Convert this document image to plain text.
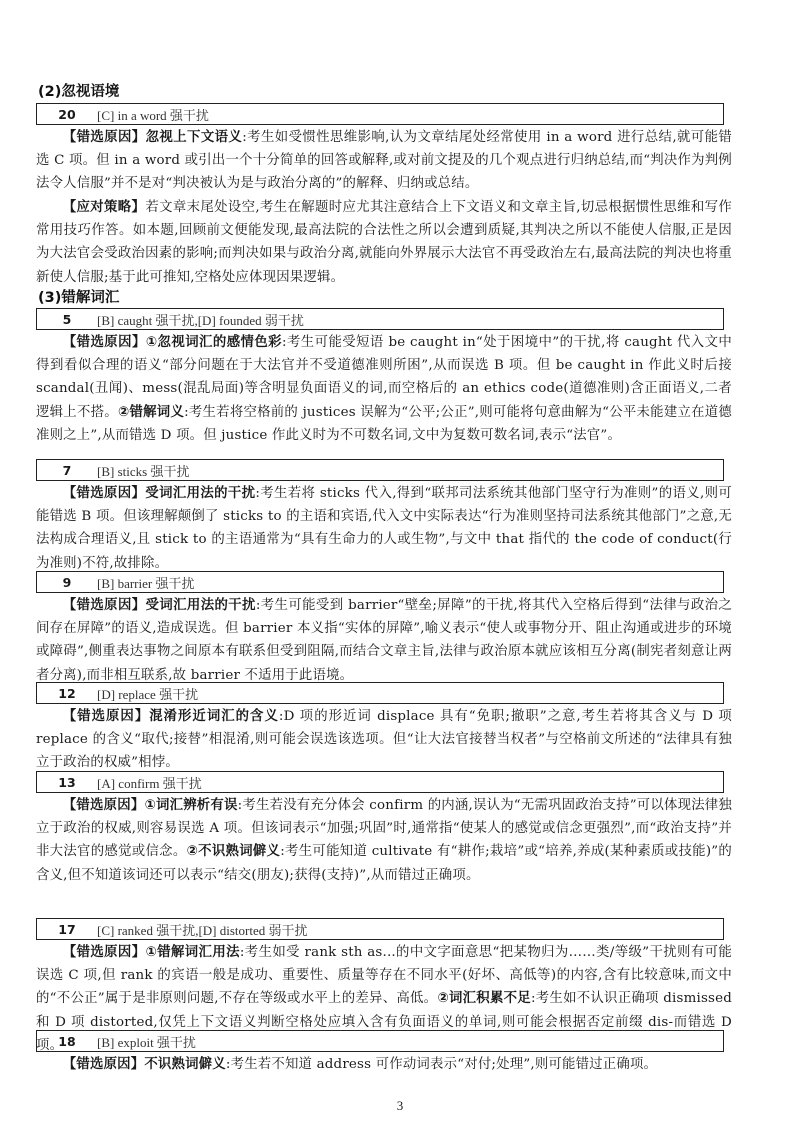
(2)忽视语境
20	[C] in a word 强干扰
【错选原因】忽视上下文语义:考生如受惯性思维影响,认为文章结尾处经常使用 in a word 进行总结,就可能错选 C 项。但 in a word 或引出一个十分简单的回答或解释,或对前文提及的几个观点进行归纳总结,而“判决作为判例法令人信服”并不是对“判决被认为是与政治分离的”的解释、归纳或总结。
【应对策略】若文章末尾处设空,考生在解题时应尤其注意结合上下文语义和文章主旨,切忌根据惯性思维和写作常用技巧作答。如本题,回顾前文便能发现,最高法院的合法性之所以会遭到质疑,其判决之所以不能使人信服,正是因为大法官会受政治因素的影响;而判决如果与政治分离,就能向外界展示大法官不再受政治左右,最高法院的判决也将重新使人信服;基于此可推知,空格处应体现因果逻辑。
(3)错解词汇
5	[B] caught 强干扰,[D] founded 弱干扰
【错选原因】①忽视词汇的感情色彩:考生可能受短语 be caught in“处于困境中”的干扰,将 caught 代入文中得到看似合理的语义“部分问题在于大法官并不受道德准则所困”,从而误选 B 项。但 be caught in 作此义时后接 scandal(丑闻)、mess(混乱局面)等含明显负面语义的词,而空格后的 an ethics code(道德准则)含正面语义,二者逻辑上不搭。②错解词义:考生若将空格前的 justices 误解为“公平;公正”,则可能将句意曲解为“公平未能建立在道德准则之上”,从而错选 D 项。但 justice 作此义时为不可数名词,文中为复数可数名词,表示“法官”。
7	[B] sticks 强干扰
【错选原因】受词汇用法的干扰:考生若将 sticks 代入,得到“联邦司法系统其他部门坚守行为准则”的语义,则可能错选 B 项。但该理解颠倒了 sticks to 的主语和宾语,代入文中实际表达“行为准则坚持司法系统其他部门”之意,无法构成合理语义,且 stick to 的主语通常为“具有生命力的人或生物”,与文中 that 指代的 the code of conduct(行为准则)不符,故排除。
9	[B] barrier 强干扰
【错选原因】受词汇用法的干扰:考生可能受到 barrier“壁垒;屏障”的干扰,将其代入空格后得到“法律与政治之间存在屏障”的语义,造成误选。但 barrier 本义指“实体的屏障”,喻义表示“使人或事物分开、阻止沟通或进步的环境或障碍”,侧重表达事物之间原本有联系但受到阻隔,而结合文章主旨,法律与政治原本就应该相互分离(制宪者刻意让两者分离),而非相互联系,故 barrier 不适用于此语境。
12	[D] replace 强干扰
【错选原因】混淆形近词汇的含义:D 项的形近词 displace 具有“免职;撤职”之意,考生若将其含义与 D 项 replace 的含义“取代;接替”相混淆,则可能会误选该选项。但“让大法官接替当权者”与空格前文所述的“法律具有独立于政治的权威”相悖。
13	[A] confirm 强干扰
【错选原因】①词汇辨析有误:考生若没有充分体会 confirm 的内涵,误认为“无需巩固政治支持”可以体现法律独立于政治的权威,则容易误选 A 项。但该词表示“加强;巩固”时,通常指“使某人的感觉或信念更强烈”,而“政治支持”并非大法官的感觉或信念。②不识熟词僻义:考生可能知道 cultivate 有“耕作;栽培”或“培养,养成(某种素质或技能)”的含义,但不知道该词还可以表示“结交(朋友);获得(支持)”,从而错过正确项。
17	[C] ranked 强干扰,[D] distorted 弱干扰
【错选原因】①错解词汇用法:考生如受 rank sth as...的中文字面意思“把某物归为……类/等级”干扰则有可能误选 C 项,但 rank 的宾语一般是成功、重要性、质量等存在不同水平(好坏、高低等)的内容,含有比较意味,而文中的“不公正”属于是非原则问题,不存在等级或水平上的差异、高低。②词汇积累不足:考生如不认识正确项 dismissed 和 D 项 distorted,仅凭上下文语义判断空格处应填入含有负面语义的单词,则可能会根据否定前缀 dis-而错选 D 项。
18	[B] exploit 强干扰
【错选原因】不识熟词僻义:考生若不知道 address 可作动词表示“对付;处理”,则可能错过正确项。
3
